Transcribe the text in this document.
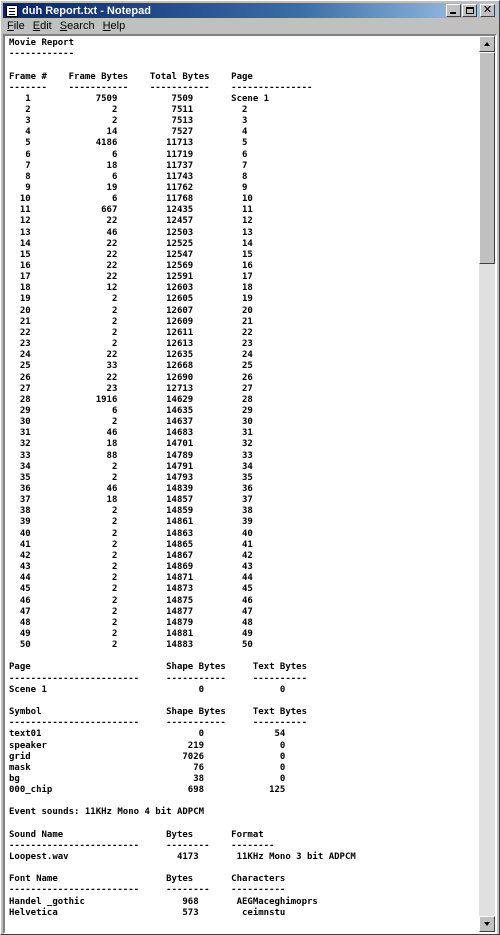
duh Report.txt - Notepad	✕
File Edit Search Help
Movie Report
------------
Frame #    Frame Bytes    Total Bytes    Page
-------    -----------    -----------    ---------------
1            7509          7509       Scene 1
2               2          7511         2
3               2          7513         3
4              14          7527         4
5            4186         11713         5
6               6         11719         6
7              18         11737         7
8               6         11743         8
9              19         11762         9
10               6         11768         10
11             667         12435         11
12              22         12457         12
13              46         12503         13
14              22         12525         14
15              22         12547         15
16              22         12569         16
17              22         12591         17
18              12         12603         18
19               2         12605         19
20               2         12607         20
21               2         12609         21
22               2         12611         22
23               2         12613         23
24              22         12635         24
25              33         12668         25
26              22         12690         26
27              23         12713         27
28            1916         14629         28
29               6         14635         29
30               2         14637         30
31              46         14683         31
32              18         14701         32
33              88         14789         33
34               2         14791         34
35               2         14793         35
36              46         14839         36
37              18         14857         37
38               2         14859         38
39               2         14861         39
40               2         14863         40
41               2         14865         41
42               2         14867         42
43               2         14869         43
44               2         14871         44
45               2         14873         45
46               2         14875         46
47               2         14877         47
48               2         14879         48
49               2         14881         49
50               2         14883         50
Page                         Shape Bytes     Text Bytes
------------------------     -----------     ----------
Scene 1                            0              0
Symbol                       Shape Bytes     Text Bytes
------------------------     -----------     ----------
text01                             0             54
speaker                          219              0
grid                            7026              0
mask                              76              0
bg                                38              0
000_chip                         698            125
Event sounds: 11KHz Mono 4 bit ADPCM
Sound Name                   Bytes       Format
------------------------     --------    --------
Loopest.wav                    4173       11KHz Mono 3 bit ADPCM
Font Name                    Bytes       Characters
------------------------     --------    ----------
Handel _gothic                  968       AEGMaceghimoprs
Helvetica                       573        ceimnstu
